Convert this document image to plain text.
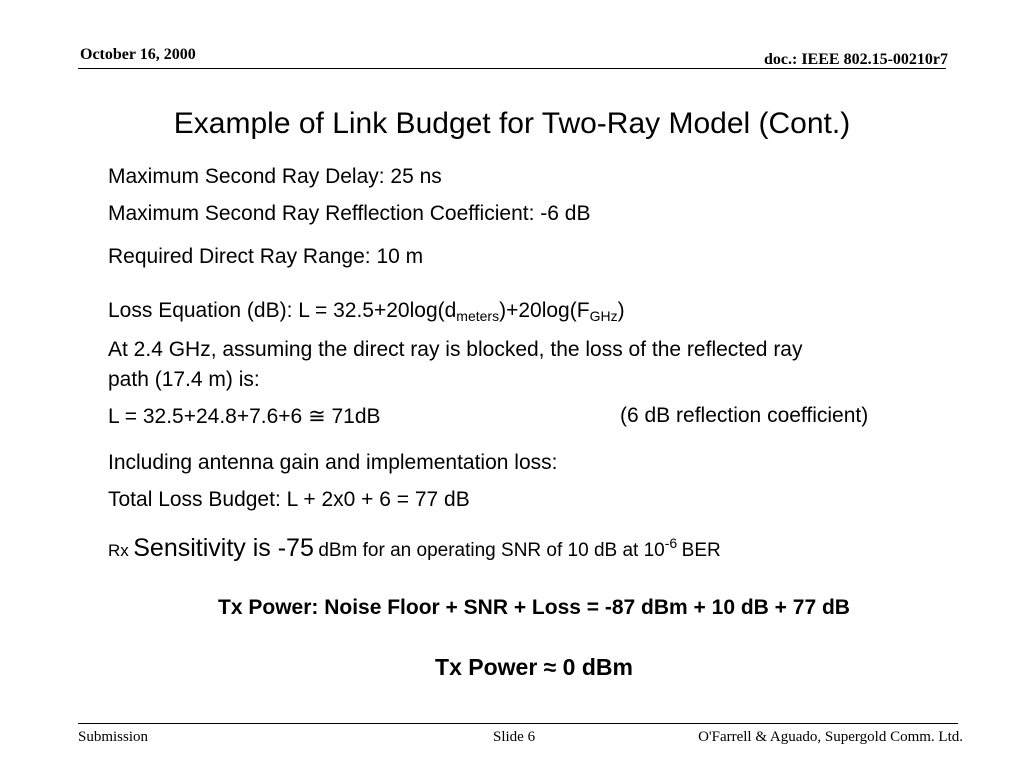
October 16, 2000	doc.: IEEE 802.15-00210r7
Example of Link Budget for Two-Ray Model (Cont.)
Maximum Second Ray Delay: 25 ns
Maximum Second Ray Refflection Coefficient: -6 dB
Required Direct Ray Range: 10 m
Loss Equation (dB): $L = 32.5+20\log(d_{meters})+20\log(F_{GHz})$
At 2.4 GHz, assuming the direct ray is blocked, the loss of the reflected ray
path (17.4 m) is:
L = 32.5+24.8+7.6+6 ≅ 71dB	(6 dB reflection coefficient)
Including antenna gain and implementation loss:
Total Loss Budget: L + 2x0 + 6 = 77 dB
Rx Sensitivity is -75 dBm for an operating SNR of 10 dB at $10^{-6}$ BER
Tx Power: Noise Floor + SNR + Loss = -87 dBm + 10 dB + 77 dB
Tx Power ≈ 0 dBm
Submission	Slide 6	O'Farrell & Aguado, Supergold Comm. Ltd.
